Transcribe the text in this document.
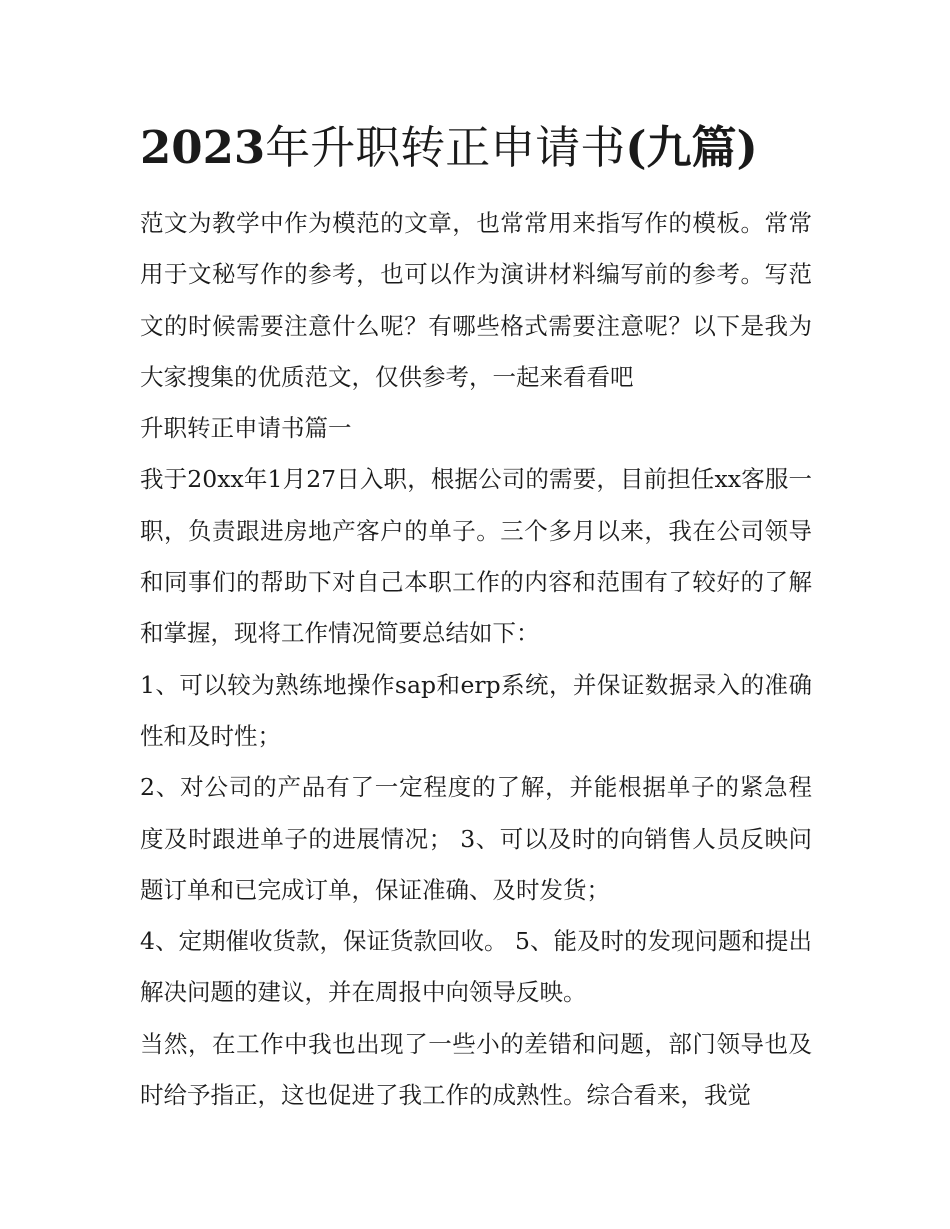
2023年升职转正申请书(九篇)

范文为教学中作为模范的文章，也常常用来指写作的模板。常常用于文秘写作的参考，也可以作为演讲材料编写前的参考。写范文的时候需要注意什么呢？有哪些格式需要注意呢？以下是我为大家搜集的优质范文，仅供参考，一起来看看吧

升职转正申请书篇一

我于20xx年1月27日入职，根据公司的需要，目前担任xx客服一职，负责跟进房地产客户的单子。三个多月以来，我在公司领导和同事们的帮助下对自己本职工作的内容和范围有了较好的了解和掌握，现将工作情况简要总结如下：

1、可以较为熟练地操作sap和erp系统，并保证数据录入的准确性和及时性；

2、对公司的产品有了一定程度的了解，并能根据单子的紧急程度及时跟进单子的进展情况； 3、可以及时的向销售人员反映问题订单和已完成订单，保证准确、及时发货；

4、定期催收货款，保证货款回收。 5、能及时的发现问题和提出解决问题的建议，并在周报中向领导反映。

当然，在工作中我也出现了一些小的差错和问题，部门领导也及时给予指正，这也促进了我工作的成熟性。综合看来，我觉
